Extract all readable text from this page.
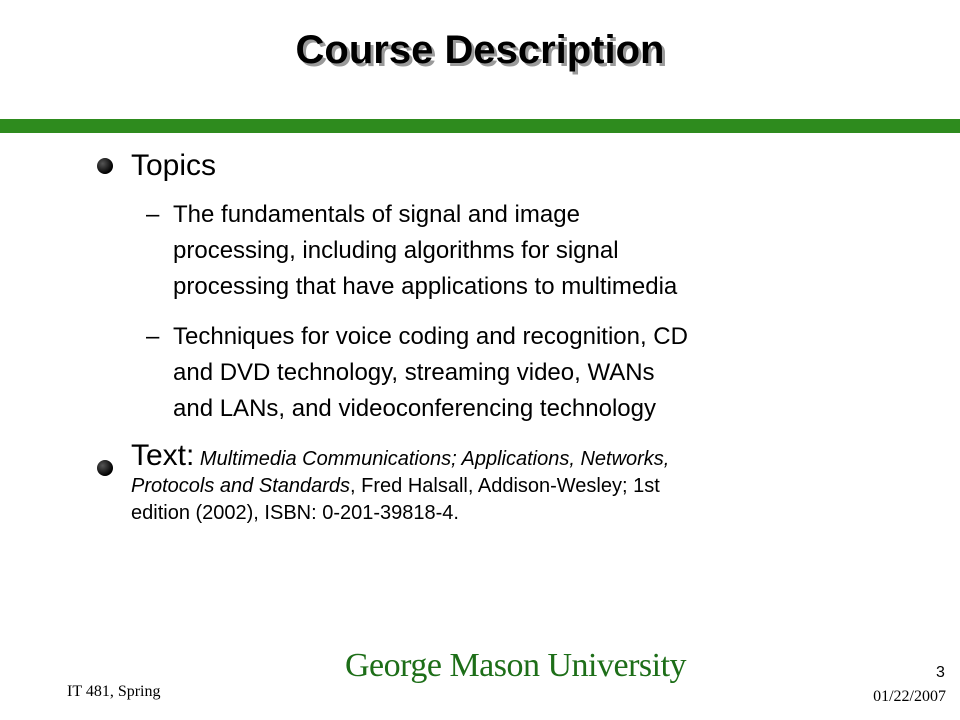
Course Description
Topics
– The fundamentals of signal and image
processing, including algorithms for signal
processing that have applications to multimedia
– Techniques for voice coding and recognition, CD
and DVD technology, streaming video, WANs
and LANs, and videoconferencing technology
Text: Multimedia Communications; Applications, Networks,
Protocols and Standards, Fred Halsall, Addison-Wesley; 1st
edition (2002), ISBN: 0-201-39818-4.
George Mason University
IT 481, Spring
3
01/22/2007
